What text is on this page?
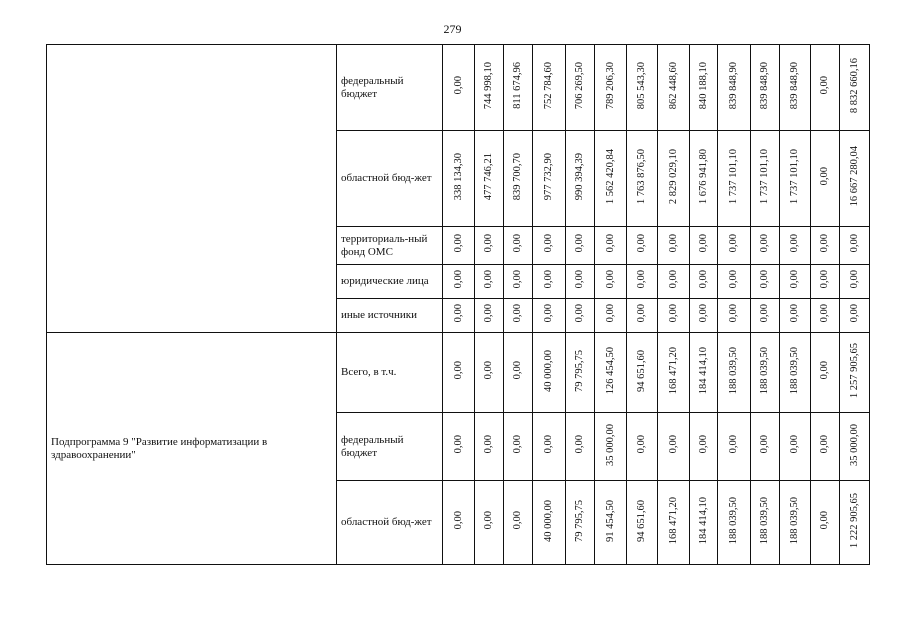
279
	федеральный бюджет	0,00	744 998,10	811 674,96	752 784,60	706 269,50	789 206,30	805 543,30	862 448,60	840 188,10	839 848,90	839 848,90	839 848,90	0,00	8 832 660,16
	областной бюд-жет	338 134,30	477 746,21	839 700,70	977 732,90	990 394,39	1 562 420,84	1 763 876,50	2 829 029,10	1 676 941,80	1 737 101,10	1 737 101,10	1 737 101,10	0,00	16 667 280,04
	территориаль-ный фонд ОМС	0,00	0,00	0,00	0,00	0,00	0,00	0,00	0,00	0,00	0,00	0,00	0,00	0,00	0,00
	юридические лица	0,00	0,00	0,00	0,00	0,00	0,00	0,00	0,00	0,00	0,00	0,00	0,00	0,00	0,00
	иные источники	0,00	0,00	0,00	0,00	0,00	0,00	0,00	0,00	0,00	0,00	0,00	0,00	0,00	0,00
Подпрограмма 9 "Развитие информатизации в здравоохранении"	Всего, в т.ч.	0,00	0,00	0,00	40 000,00	79 795,75	126 454,50	94 651,60	168 471,20	184 414,10	188 039,50	188 039,50	188 039,50	0,00	1 257 905,65
	федеральный бюджет	0,00	0,00	0,00	0,00	0,00	35 000,00	0,00	0,00	0,00	0,00	0,00	0,00	0,00	35 000,00
	областной бюд-жет	0,00	0,00	0,00	40 000,00	79 795,75	91 454,50	94 651,60	168 471,20	184 414,10	188 039,50	188 039,50	188 039,50	0,00	1 222 905,65
